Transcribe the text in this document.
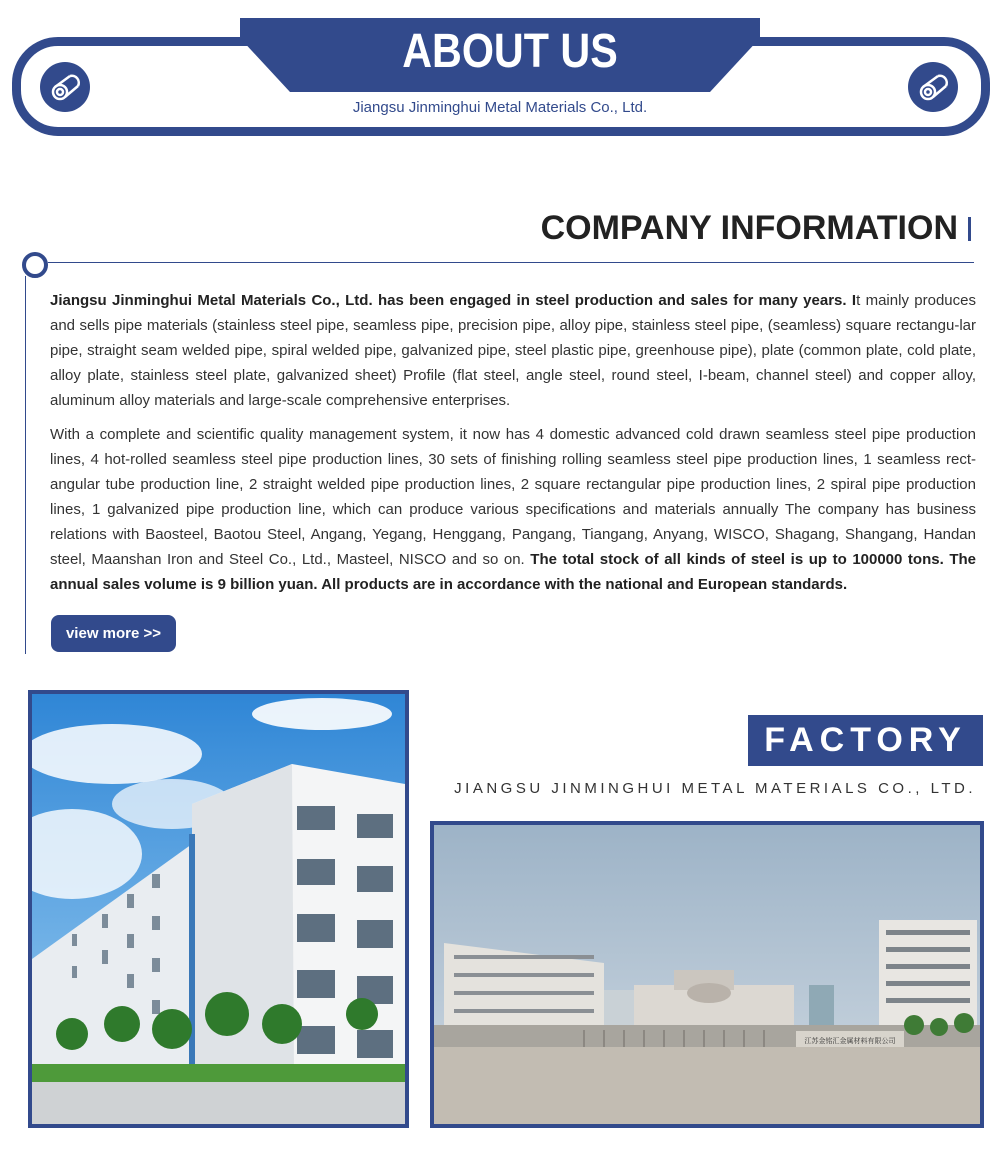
ABOUT US
Jiangsu Jinminghui Metal Materials Co., Ltd.
COMPANY INFORMATION

Jiangsu Jinminghui Metal Materials Co., Ltd. has been engaged in steel production and sales for many years. It mainly produces and sells pipe materials (stainless steel pipe, seamless pipe, precision pipe, alloy pipe, stainless steel pipe, (seamless) square rectangu-lar pipe, straight seam welded pipe, spiral welded pipe, galvanized pipe, steel plastic pipe, greenhouse pipe), plate (common plate, cold plate, alloy plate, stainless steel plate, galvanized sheet) Profile (flat steel, angle steel, round steel, I-beam, channel steel) and copper alloy, aluminum alloy materials and large-scale comprehensive enterprises.

With a complete and scientific quality management system, it now has 4 domestic advanced cold drawn seamless steel pipe production lines, 4 hot-rolled seamless steel pipe production lines, 30 sets of finishing rolling seamless steel pipe production lines, 1 seamless rect-angular tube production line, 2 straight welded pipe production lines, 2 square rectangular pipe production lines, 2 spiral pipe production lines, 1 galvanized pipe production line, which can produce various specifications and materials annually The company has business relations with Baosteel, Baotou Steel, Angang, Yegang, Henggang, Pangang, Tiangang, Anyang, WISCO, Shagang, Shangang, Handan steel, Maanshan Iron and Steel Co., Ltd., Masteel, NISCO and so on. The total stock of all kinds of steel is up to 100000 tons. The annual sales volume is 9 billion yuan. All products are in accordance with the national and European standards.

view more >>
FACTORY
JIANGSU JINMINGHUI METAL MATERIALS CO., LTD.
江苏金铭汇金属材料有限公司
